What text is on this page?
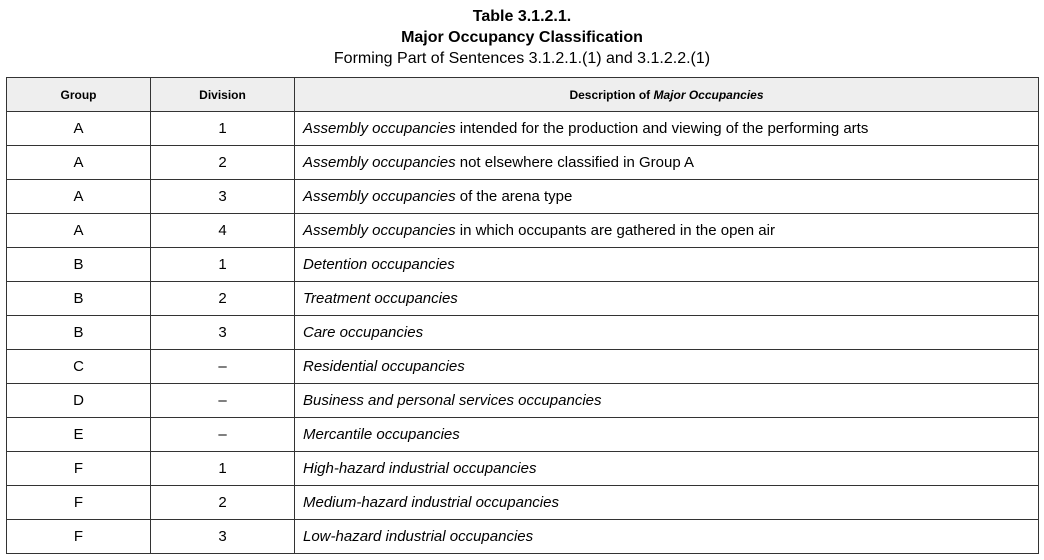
Table 3.1.2.1.
Major Occupancy Classification
Forming Part of Sentences 3.1.2.1.(1) and 3.1.2.2.(1)
Group	Division	Description of Major Occupancies
A	1	Assembly occupancies intended for the production and viewing of the performing arts
A	2	Assembly occupancies not elsewhere classified in Group A
A	3	Assembly occupancies of the arena type
A	4	Assembly occupancies in which occupants are gathered in the open air
B	1	Detention occupancies
B	2	Treatment occupancies
B	3	Care occupancies
C	–	Residential occupancies
D	–	Business and personal services occupancies
E	–	Mercantile occupancies
F	1	High-hazard industrial occupancies
F	2	Medium-hazard industrial occupancies
F	3	Low-hazard industrial occupancies
